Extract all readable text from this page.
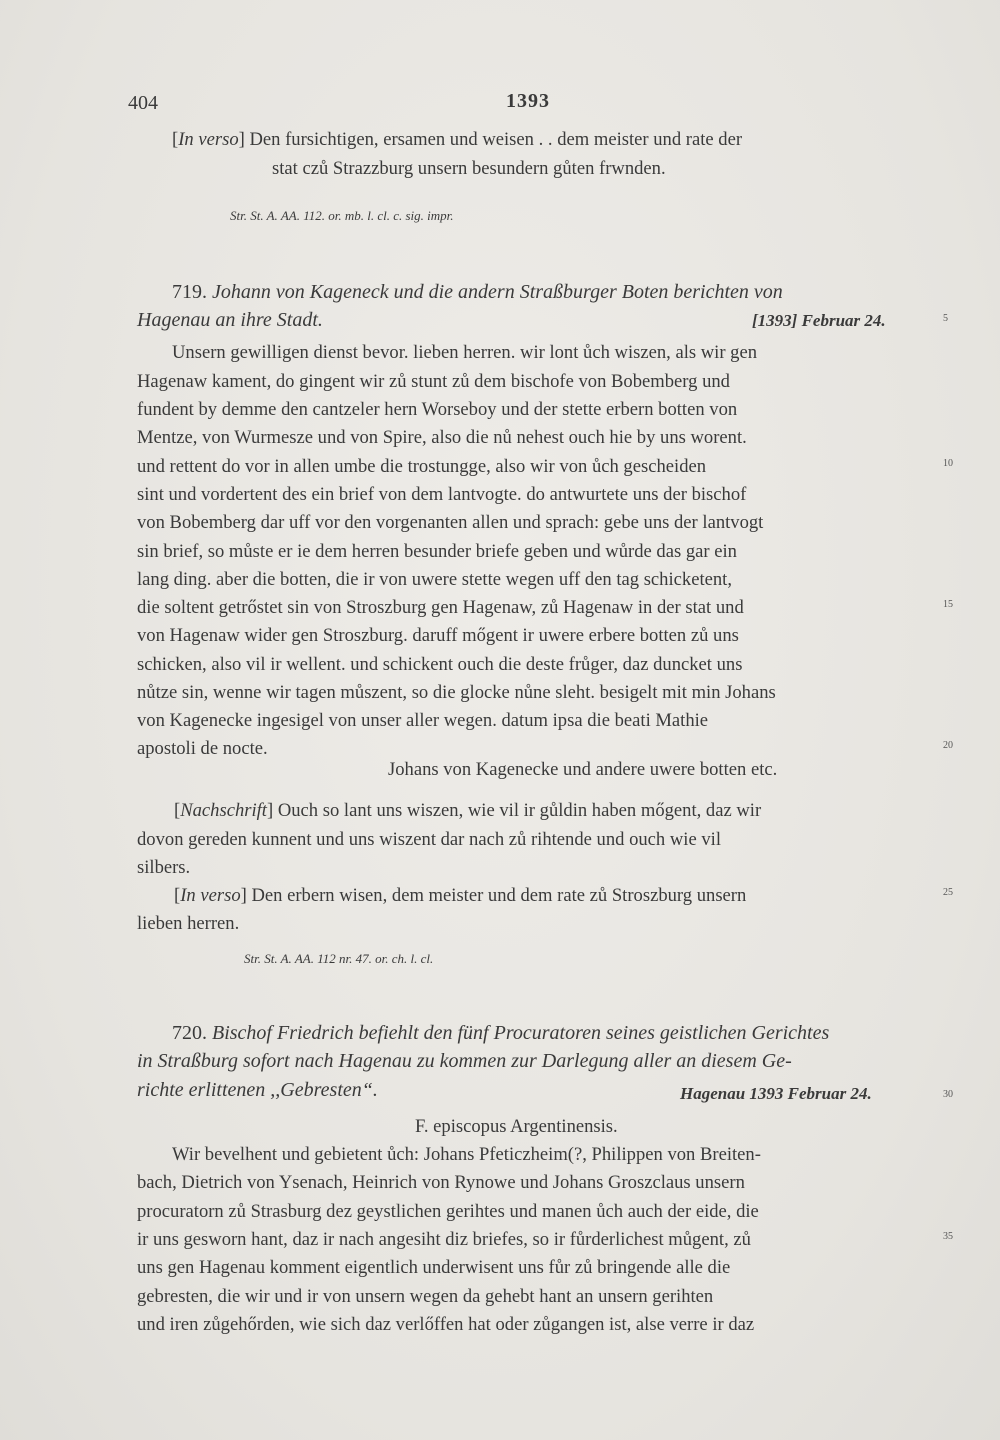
404	1393
[In verso] Den fursichtigen, ersamen und weisen . . dem meister und rate der
stat czů Strazzburg unsern besundern gůten frwnden.
Str. St. A. AA. 112. or. mb. l. cl. c. sig. impr.
719. Johann von Kageneck und die andern Straßburger Boten berichten von
Hagenau an ihre Stadt.	[1393] Februar 24.
Unsern gewilligen dienst bevor. lieben herren. wir lont ůch wiszen, als wir gen
Hagenaw kament, do gingent wir zů stunt zů dem bischofe von Bobemberg und
fundent by demme den cantzeler hern Worseboy und der stette erbern botten von
Mentze, von Wurmesze und von Spire, also die nů nehest ouch hie by uns worent.
und rettent do vor in allen umbe die trostungge, also wir von ůch gescheiden
sint und vordertent des ein brief von dem lantvogte. do antwurtete uns der bischof
von Bobemberg dar uff vor den vorgenanten allen und sprach: gebe uns der lantvogt
sin brief, so můste er ie dem herren besunder briefe geben und wůrde das gar ein
lang ding. aber die botten, die ir von uwere stette wegen uff den tag schicketent,
die soltent getrőstet sin von Stroszburg gen Hagenaw, zů Hagenaw in der stat und
von Hagenaw wider gen Stroszburg. daruff mőgent ir uwere erbere botten zů uns
schicken, also vil ir wellent. und schickent ouch die deste frůger, daz duncket uns
nůtze sin, wenne wir tagen můszent, so die glocke nůne sleht. besigelt mit min Johans
von Kagenecke ingesigel von unser aller wegen. datum ipsa die beati Mathie
apostoli de nocte.
Johans von Kagenecke und andere uwere botten etc.
[Nachschrift] Ouch so lant uns wiszen, wie vil ir gůldin haben mőgent, daz wir
dovon gereden kunnent und uns wiszent dar nach zů rihtende und ouch wie vil
silbers.
[In verso] Den erbern wisen, dem meister und dem rate zů Stroszburg unsern
lieben herren.
Str. St. A. AA. 112 nr. 47. or. ch. l. cl.
720. Bischof Friedrich befiehlt den fünf Procuratoren seines geistlichen Gerichtes
in Straßburg sofort nach Hagenau zu kommen zur Darlegung aller an diesem Ge-
richte erlittenen ,,Gebresten“.	Hagenau 1393 Februar 24.
F. episcopus Argentinensis.
Wir bevelhent und gebietent ůch: Johans Pfeticzheim(?, Philippen von Breiten-
bach, Dietrich von Ysenach, Heinrich von Rynowe und Johans Groszclaus unsern
procuratorn zů Strasburg dez geystlichen gerihtes und manen ůch auch der eide, die
ir uns gesworn hant, daz ir nach angesiht diz briefes, so ir fůrderlichest můgent, zů
uns gen Hagenau komment eigentlich underwisent uns fůr zů bringende alle die
gebresten, die wir und ir von unsern wegen da gehebt hant an unsern gerihten
und iren zůgehőrden, wie sich daz verlőffen hat oder zůgangen ist, alse verre ir daz
5
10
15
20
25
30
35
